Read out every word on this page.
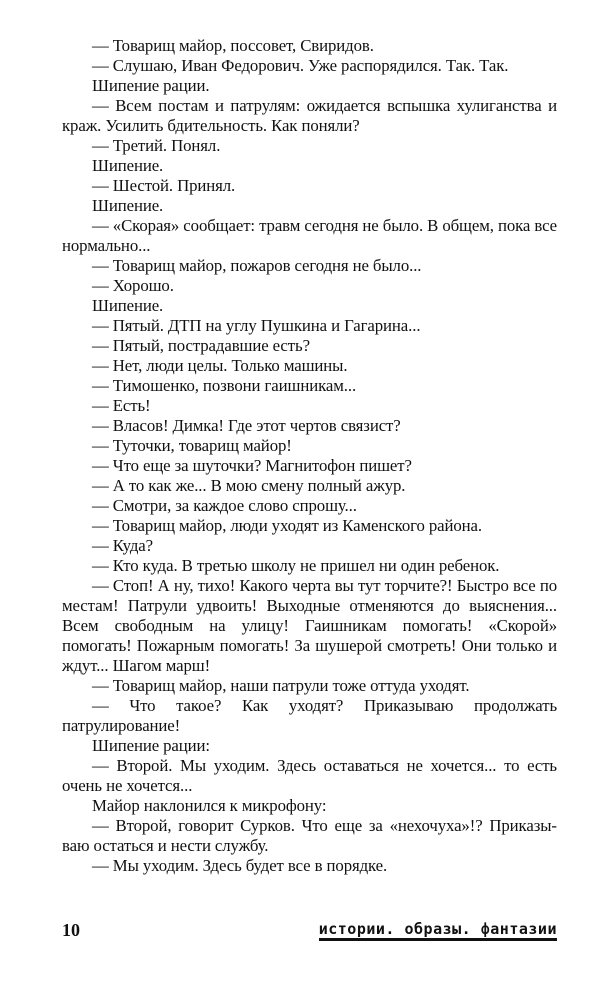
— Товарищ майор, поссовет, Свиридов.

— Слушаю, Иван Федорович. Уже распорядился. Так. Так.

Шипение рации.

— Всем постам и патрулям: ожидается вспышка хулиганства и краж. Усилить бдительность. Как поняли?

— Третий. Понял.

Шипение.

— Шестой. Принял.

Шипение.

— «Скорая» сообщает: травм сегодня не было. В общем, пока все нормально...

— Товарищ майор, пожаров сегодня не было...

— Хорошо.

Шипение.

— Пятый. ДТП на углу Пушкина и Гагарина...

— Пятый, пострадавшие есть?

— Нет, люди целы. Только машины.

— Тимошенко, позвони гаишникам...

— Есть!

— Власов! Димка! Где этот чертов связист?

— Туточки, товарищ майор!

— Что еще за шуточки? Магнитофон пишет?

— А то как же... В мою смену полный ажур.

— Смотри, за каждое слово спрошу...

— Товарищ майор, люди уходят из Каменского района.

— Куда?

— Кто куда. В третью школу не пришел ни один ребенок.

— Стоп! А ну, тихо! Какого черта вы тут торчите?! Быстро все по местам! Патрули удвоить! Выходные отменяются до выяснения... Всем свободным на улицу! Гаишникам помогать! «Скорой» помогать! Пожарным помогать! За шушерой смотреть! Они только и ждут... Шагом марш!

— Товарищ майор, наши патрули тоже оттуда уходят.

— Что такое? Как уходят? Приказываю продолжать патрулирование!

Шипение рации:

— Второй. Мы уходим. Здесь оставаться не хочется... то есть очень не хочется...

Майор наклонился к микрофону:

— Второй, говорит Сурков. Что еще за «нехочуха»!? Приказываю остаться и нести службу.

— Мы уходим. Здесь будет все в порядке.

10	истории. образы. фантазии
